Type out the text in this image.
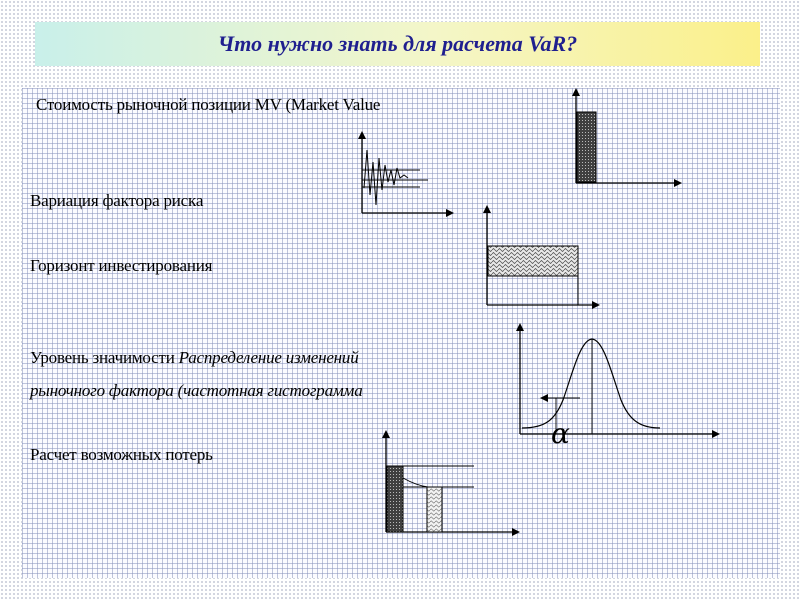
Что нужно знать для расчета VaR?
Стоимость рыночной позиции MV (Market Value
Вариация фактора риска
Горизонт инвестирования
Уровень значимости Распределение изменений
рыночного фактора (частотная гистограмма
Расчет возможных потерь
α
